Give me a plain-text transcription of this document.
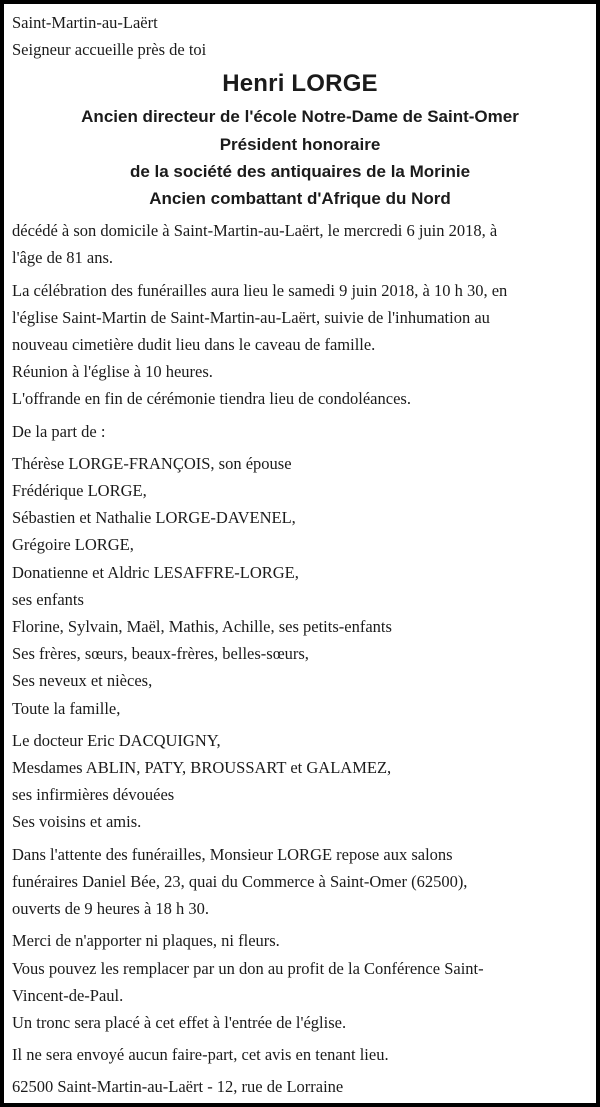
Saint-Martin-au-Laërt
Seigneur accueille près de toi
Henri LORGE
Ancien directeur de l'école Notre-Dame de Saint-Omer
Président honoraire
de la société des antiquaires de la Morinie
Ancien combattant d'Afrique du Nord
décédé à son domicile à Saint-Martin-au-Laërt, le mercredi 6 juin 2018, à
l'âge de 81 ans.
La célébration des funérailles aura lieu le samedi 9 juin 2018, à 10 h 30, en
l'église Saint-Martin de Saint-Martin-au-Laërt, suivie de l'inhumation au
nouveau cimetière dudit lieu dans le caveau de famille.
Réunion à l'église à 10 heures.
L'offrande en fin de cérémonie tiendra lieu de condoléances.
De la part de :
Thérèse LORGE-FRANÇOIS, son épouse
Frédérique LORGE,
Sébastien et Nathalie LORGE-DAVENEL,
Grégoire LORGE,
Donatienne et Aldric LESAFFRE-LORGE,
ses enfants
Florine, Sylvain, Maël, Mathis, Achille, ses petits-enfants
Ses frères, sœurs, beaux-frères, belles-sœurs,
Ses neveux et nièces,
Toute la famille,
Le docteur Eric DACQUIGNY,
Mesdames ABLIN, PATY, BROUSSART et GALAMEZ,
ses infirmières dévouées
Ses voisins et amis.
Dans l'attente des funérailles, Monsieur LORGE repose aux salons
funéraires Daniel Bée, 23, quai du Commerce à Saint-Omer (62500),
ouverts de 9 heures à 18 h 30.
Merci de n'apporter ni plaques, ni fleurs.
Vous pouvez les remplacer par un don au profit de la Conférence Saint-
Vincent-de-Paul.
Un tronc sera placé à cet effet à l'entrée de l'église.
Il ne sera envoyé aucun faire-part, cet avis en tenant lieu.
62500 Saint-Martin-au-Laërt - 12, rue de Lorraine
